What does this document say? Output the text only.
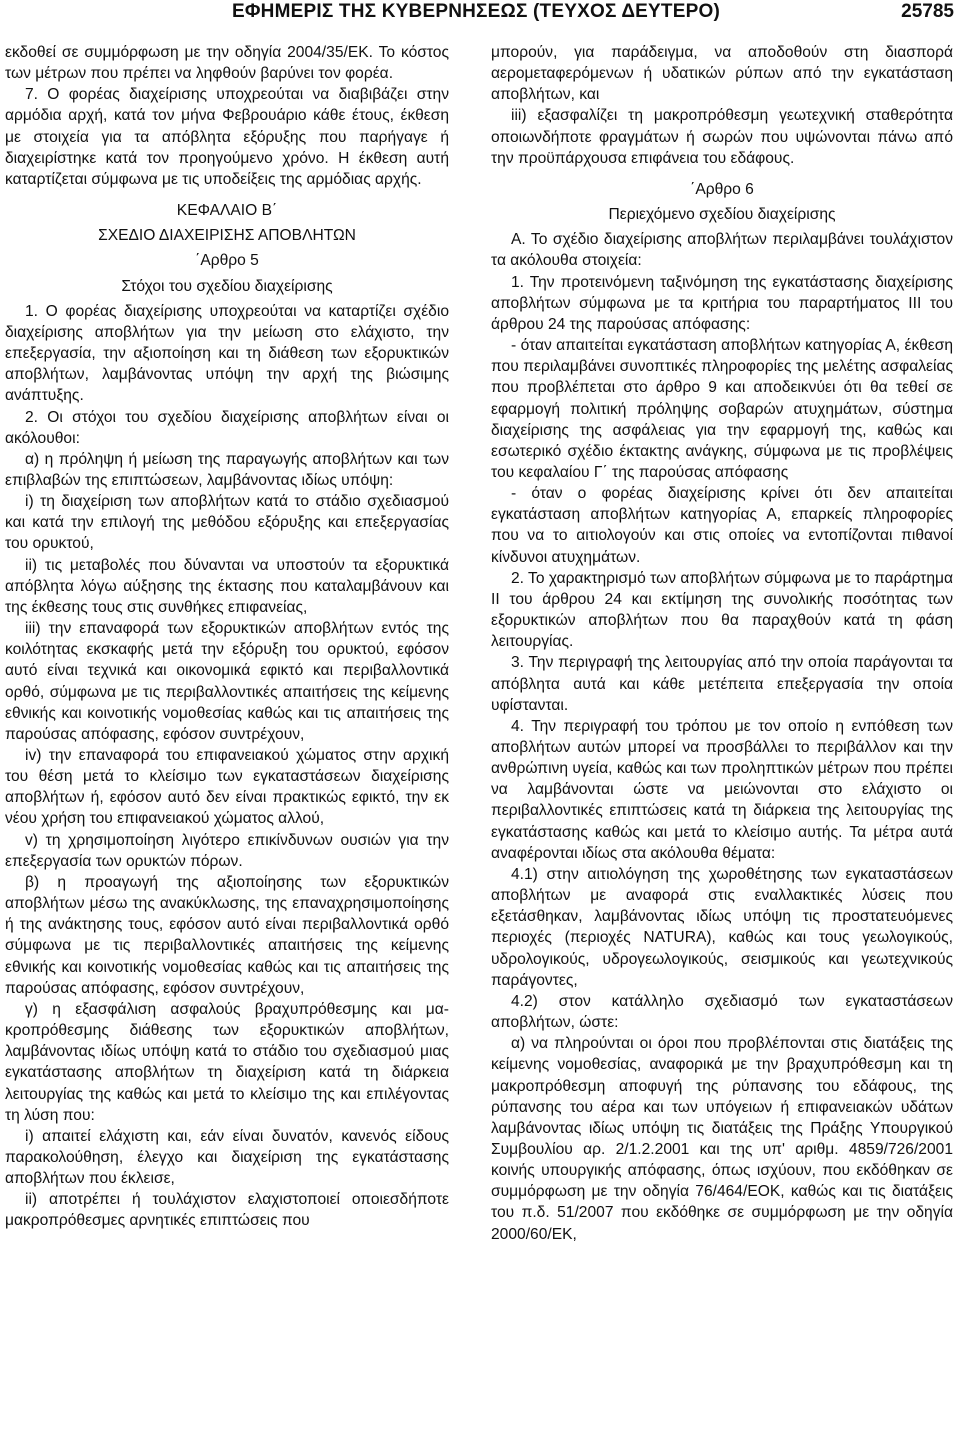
ΕΦΗΜΕΡΙΣ ΤΗΣ ΚΥΒΕΡΝΗΣΕΩΣ (ΤΕΥΧΟΣ ΔΕΥΤΕΡΟ)	25785

εκδοθεί σε συμμόρφωση με την οδηγία 2004/35/ΕΚ. Το κόστος των μέτρων που πρέπει να ληφθούν βαρύνει τον φορέα.

7. Ο φορέας διαχείρισης υποχρεούται να διαβιβάζει στην αρμόδια αρχή, κατά τον μήνα Φεβρουάριο κάθε έτους, έκθεση με στοιχεία για τα απόβλητα εξόρυξης που παρήγαγε ή διαχειρίστηκε κατά τον προηγούμενο χρόνο. Η έκθεση αυτή καταρτίζεται σύμφωνα με τις υποδείξεις της αρμόδιας αρχής.

ΚΕΦΑΛΑΙΟ Β΄

ΣΧΕΔΙΟ ΔΙΑΧΕΙΡΙΣΗΣ ΑΠΟΒΛΗΤΩΝ

΄Αρθρο 5

Στόχοι του σχεδίου διαχείρισης

1. Ο φορέας διαχείρισης υποχρεούται να καταρτίζει σχέδιο διαχείρισης αποβλήτων για την μείωση στο ελάχιστο, την επεξεργασία, την αξιοποίηση και τη διάθεση των εξορυκτικών αποβλήτων, λαμβάνοντας υπόψη την αρχή της βιώσιμης ανάπτυξης.

2. Οι στόχοι του σχεδίου διαχείρισης αποβλήτων είναι οι ακόλουθοι:

α) η πρόληψη ή μείωση της παραγωγής αποβλήτων και των επιβλαβών της επιπτώσεων, λαμβάνοντας ιδίως υπόψη:

i) τη διαχείριση των αποβλήτων κατά το στάδιο σχεδιασμού και κατά την επιλογή της μεθόδου εξόρυξης και επεξεργασίας του ορυκτού,

ii) τις μεταβολές που δύνανται να υποστούν τα εξορυκτικά απόβλητα λόγω αύξησης της έκτασης που καταλαμβάνουν και της έκθεσης τους στις συνθήκες επιφανείας,

iii) την επαναφορά των εξορυκτικών αποβλήτων εντός της κοιλότητας εκσκαφής μετά την εξόρυξη του ορυκτού, εφόσον αυτό είναι τεχνικά και οικονομικά εφικτό και περιβαλλοντικά ορθό, σύμφωνα με τις περιβαλλοντικές απαιτήσεις της κείμενης εθνικής και κοινοτικής νομοθεσίας καθώς και τις απαιτήσεις της παρούσας απόφασης, εφόσον συντρέχουν,

iv) την επαναφορά του επιφανειακού χώματος στην αρχική του θέση μετά το κλείσιμο των εγκαταστάσεων διαχείρισης αποβλήτων ή, εφόσον αυτό δεν είναι πρακτικώς εφικτό, την εκ νέου χρήση του επιφανειακού χώματος αλλού,

v) τη χρησιμοποίηση λιγότερο επικίνδυνων ουσιών για την επεξεργασία των ορυκτών πόρων.

β) η προαγωγή της αξιοποίησης των εξορυκτικών αποβλήτων μέσω της ανακύκλωσης, της επαναχρησιμοποίησης ή της ανάκτησης τους, εφόσον αυτό είναι περιβαλλοντικά ορθό σύμφωνα με τις περιβαλλοντικές απαιτήσεις της κείμενης εθνικής και κοινοτικής νομοθεσίας καθώς και τις απαιτήσεις της παρούσας απόφασης, εφόσον συντρέχουν,

γ) η εξασφάλιση ασφαλούς βραχυπρόθεσμης και μακροπρόθεσμης διάθεσης των εξορυκτικών αποβλήτων, λαμβάνοντας ιδίως υπόψη κατά το στάδιο του σχεδιασμού μιας εγκατάστασης αποβλήτων τη διαχείριση κατά τη διάρκεια λειτουργίας της καθώς και μετά το κλείσιμο της και επιλέγοντας τη λύση που:

i) απαιτεί ελάχιστη και, εάν είναι δυνατόν, κανενός είδους παρακολούθηση, έλεγχο και διαχείριση της εγκατάστασης αποβλήτων που έκλεισε,

ii) αποτρέπει ή τουλάχιστον ελαχιστοποιεί οποιεσδήποτε μακροπρόθεσμες αρνητικές επιπτώσεις που

μπορούν, για παράδειγμα, να αποδοθούν στη διασπορά αερομεταφερόμενων ή υδατικών ρύπων από την εγκατάσταση αποβλήτων, και

iii) εξασφαλίζει τη μακροπρόθεσμη γεωτεχνική σταθερότητα οποιωνδήποτε φραγμάτων ή σωρών που υψώνονται πάνω από την προϋπάρχουσα επιφάνεια του εδάφους.

΄Αρθρο 6

Περιεχόμενο σχεδίου διαχείρισης

Α. Το σχέδιο διαχείρισης αποβλήτων περιλαμβάνει τουλάχιστον τα ακόλουθα στοιχεία:

1. Την προτεινόμενη ταξινόμηση της εγκατάστασης διαχείρισης αποβλήτων σύμφωνα με τα κριτήρια του παραρτήματος ΙΙΙ του άρθρου 24 της παρούσας απόφασης:

- όταν απαιτείται εγκατάσταση αποβλήτων κατηγορίας Α, έκθεση που περιλαμβάνει συνοπτικές πληροφορίες της μελέτης ασφαλείας που προβλέπεται στο άρθρο 9 και αποδεικνύει ότι θα τεθεί σε εφαρμογή πολιτική πρόληψης σοβαρών ατυχημάτων, σύστημα διαχείρισης της ασφάλειας για την εφαρμογή της, καθώς και εσωτερικό σχέδιο έκτακτης ανάγκης, σύμφωνα με τις προβλέψεις του κεφαλαίου Γ΄ της παρούσας απόφασης

- όταν ο φορέας διαχείρισης κρίνει ότι δεν απαιτείται εγκατάσταση αποβλήτων κατηγορίας Α, επαρκείς πληροφορίες που να το αιτιολογούν και στις οποίες να εντοπίζονται πιθανοί κίνδυνοι ατυχημάτων.

2. Το χαρακτηρισμό των αποβλήτων σύμφωνα με το παράρτημα ΙΙ του άρθρου 24 και εκτίμηση της συνολικής ποσότητας των εξορυκτικών αποβλήτων που θα παραχθούν κατά τη φάση λειτουργίας.

3. Την περιγραφή της λειτουργίας από την οποία παράγονται τα απόβλητα αυτά και κάθε μετέπειτα επεξεργασία την οποία υφίστανται.

4. Την περιγραφή του τρόπου με τον οποίο η ενπόθεση των αποβλήτων αυτών μπορεί να προσβάλλει το περιβάλλον και την ανθρώπινη υγεία, καθώς και των προληπτικών μέτρων που πρέπει να λαμβάνονται ώστε να μειώνονται στο ελάχιστο οι περιβαλλοντικές επιπτώσεις κατά τη διάρκεια της λειτουργίας της εγκατάστασης καθώς και μετά το κλείσιμο αυτής. Τα μέτρα αυτά αναφέρονται ιδίως στα ακόλουθα θέματα:

4.1) στην αιτιολόγηση της χωροθέτησης των εγκαταστάσεων αποβλήτων με αναφορά στις εναλλακτικές λύσεις που εξετάσθηκαν, λαμβάνοντας ιδίως υπόψη τις προστατευόμενες περιοχές (περιοχές NATURA), καθώς και τους γεωλογικούς, υδρολογικούς, υδρογεωλογικούς, σεισμικούς και γεωτεχνικούς παράγοντες,

4.2) στον κατάλληλο σχεδιασμό των εγκαταστάσεων αποβλήτων, ώστε:

α) να πληρούνται οι όροι που προβλέπονται στις διατάξεις της κείμενης νομοθεσίας, αναφορικά με την βραχυπρόθεσμη και τη μακροπρόθεσμη αποφυγή της ρύπανσης του εδάφους, της ρύπανσης του αέρα και των υπόγειων ή επιφανειακών υδάτων λαμβάνοντας ιδίως υπόψη τις διατάξεις της Πράξης Υπουργικού Συμβουλίου αρ. 2/1.2.2001 και της υπ' αριθμ. 4859/726/2001 κοινής υπουργικής απόφασης, όπως ισχύουν, που εκδόθηκαν σε συμμόρφωση με την οδηγία 76/464/ΕΟΚ, καθώς και τις διατάξεις του π.δ. 51/2007 που εκδόθηκε σε συμμόρφωση με την οδηγία 2000/60/ΕΚ,
